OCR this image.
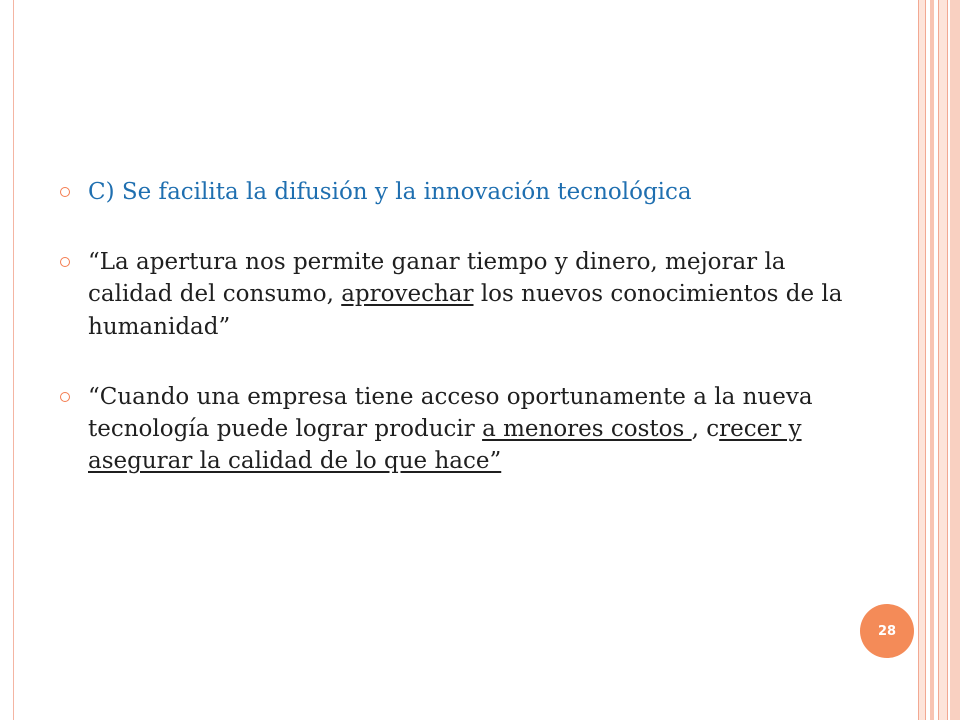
C) Se facilita la difusión y la innovación tecnológica
“La apertura nos permite ganar tiempo y dinero, mejorar la calidad del consumo, aprovechar los nuevos conocimientos de la humanidad”
“Cuando una empresa tiene acceso oportunamente a la nueva tecnología puede lograr producir a menores costos , crecer y asegurar la calidad de lo que hace”
28
